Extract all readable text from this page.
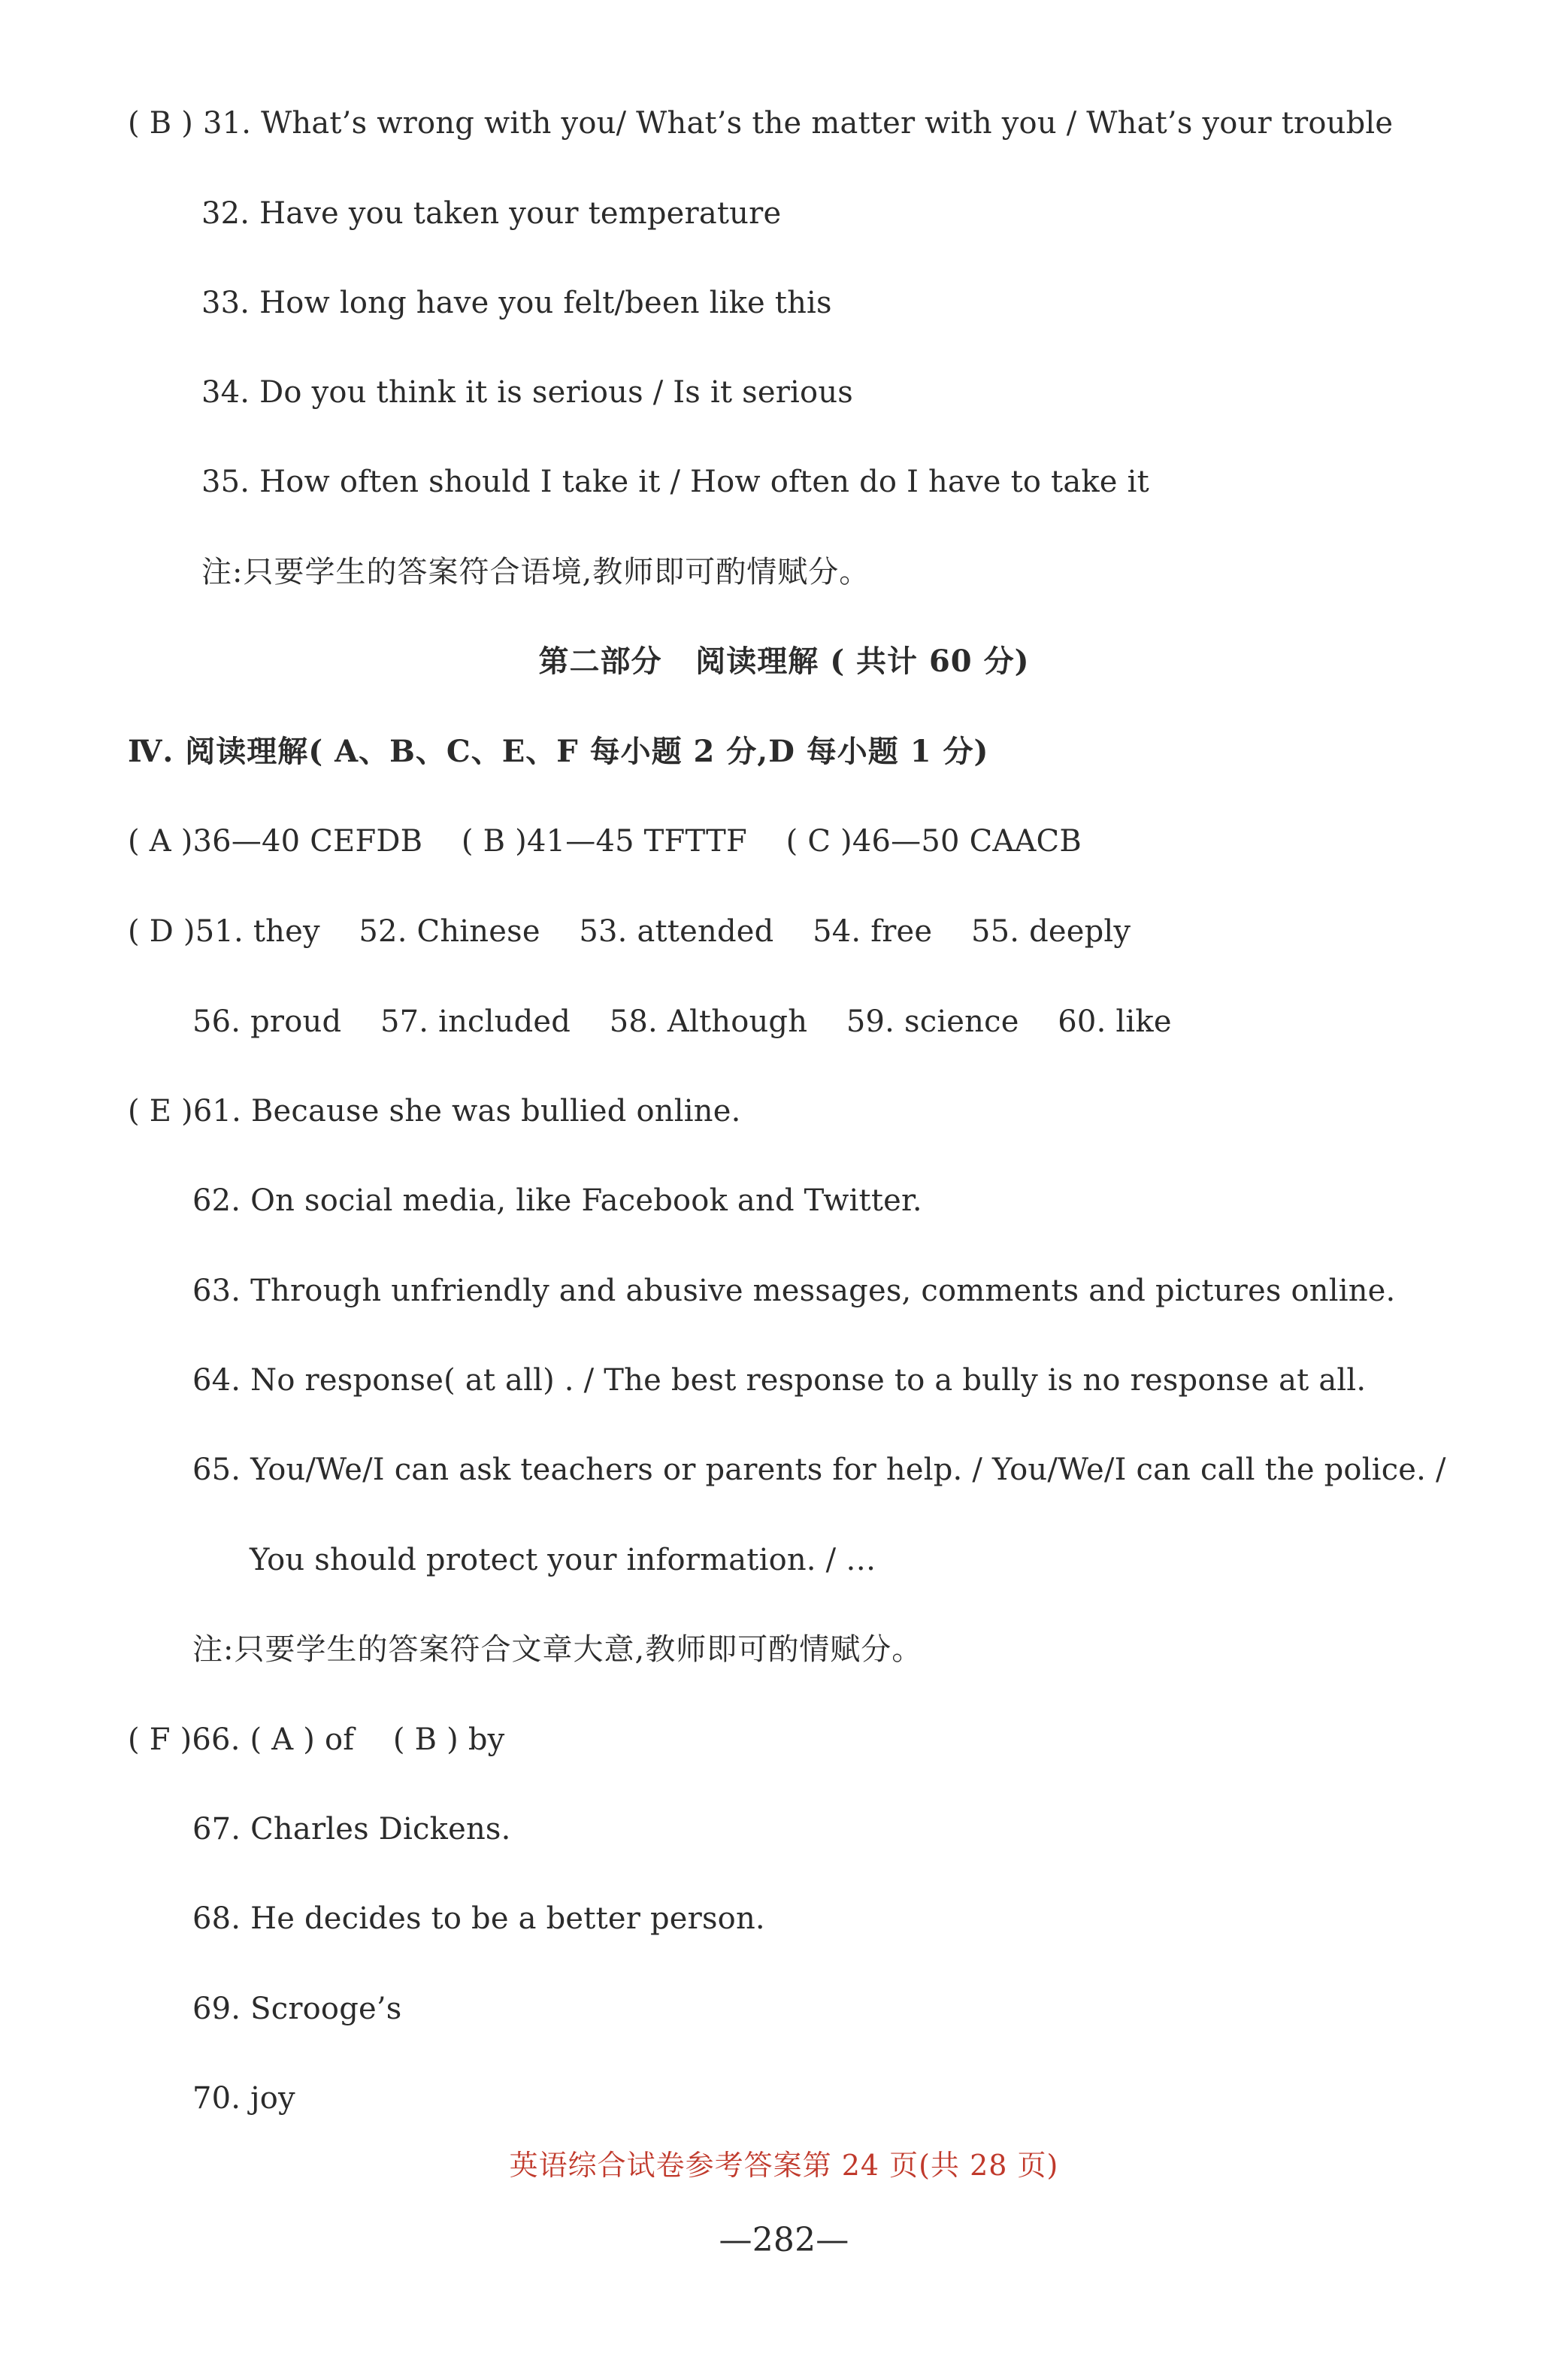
( B ) 31. What’s wrong with you/ What’s the matter with you / What’s your trouble
32. Have you taken your temperature
33. How long have you felt/been like this
34. Do you think it is serious / Is it serious
35. How often should I take it / How often do I have to take it
注:只要学生的答案符合语境,教师即可酌情赋分。
第二部分   阅读理解 ( 共计 60 分)
Ⅳ. 阅读理解( A、B、C、E、F 每小题 2 分,D 每小题 1 分)
( A )36—40 CEFDB    ( B )41—45 TFTTF    ( C )46—50 CAACB
( D )51. they    52. Chinese    53. attended    54. free    55. deeply
56. proud    57. included    58. Although    59. science    60. like
( E )61. Because she was bullied online.
62. On social media, like Facebook and Twitter.
63. Through unfriendly and abusive messages, comments and pictures online.
64. No response( at all) . / The best response to a bully is no response at all.
65. You/We/I can ask teachers or parents for help. / You/We/I can call the police. /
You should protect your information. / …
注:只要学生的答案符合文章大意,教师即可酌情赋分。
( F )66. ( A ) of    ( B ) by
67. Charles Dickens.
68. He decides to be a better person.
69. Scrooge’s
70. joy
英语综合试卷参考答案第 24 页(共 28 页)
—282—
